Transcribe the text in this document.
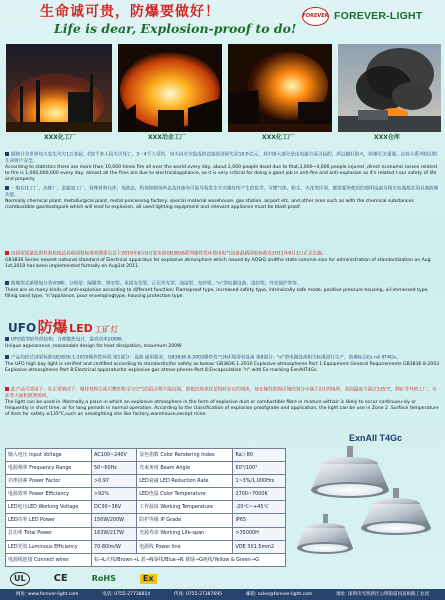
生命诚可贵，防爆要做好！
Life is dear, Explosion-proof to do!
FOREVER FOREVER-LIGHT
XXX化工厂	XXX冶金工厂	XXX化工厂	XXX仓库
据统计全世界每天发生火灾1万多起，约2千多人因火灾死亡，3－4千人受伤，每天因火灾造成的直接经济损失达10多亿元，其中绝大部分是由电器方面引起的，所以做好防火，防爆至关重要。在较大系列较旧的生命财产安全。
According to statistics there are more than 10,000 times fire all over the world every day, about 2,000 people dead due to that,3,000~4,000 people injured ,direct economic losses related to fire is 1,000,000,000 every day, almost all the fires are due to electricalappliance, so it is very critical for doing a good job in anti-fire and anti-explosion as it's related t our safety of life and property.
一般在化工厂，冶炼厂，金属加工厂，特殊材料仓库，加油站，机场控制场所以及其他有可能导致发生火灾爆炸所产生的化学、可燃气体、粉尘、火花等区域，都需要所使用的照明设备及相关电器都必须具备防爆功能。
Normally chemical plant, metallurgical plant, metal processing factory, special material warehouse, gas station, airport etc, and other area such as with the chemical substances /combustible gas/dustspark which will lead to explosion, all used lighting equipment and relevant appliance must be blast-proof.
由国家质量监督检验检疫总局和国家标准管理委员会于2010年8月9日发布的GB3836系列爆炸性环境用电气设备最新国家标准在2011年8月1日正式实施。
GB3836 Series newest national standard of Electrical apparatus for explosive atmosphere which issued by AQSIQ andthe state commis-sion for administration of standardization on Aug 1st,2010 has been implemented formally on Aug1st 2011.
防爆形式新增加分类有8种，分别是：隔爆型、增安型、本质安全型、正压外壳型、油浸型、充砂型、"n"型电器设备、浇封型、外壳保护型等。
There are so many kinds of anti-explosion according to different function: Flameproof type, increased safety type, intrinsically safe mode, positive pressure housing, oil-immersed type, filling sand type, "n"appliance, pour envelopingtype, housing protection type.
UFO 防爆 LED 工矿灯
UFO造型的外形结构，合理散热设计，最高功率200W。
Unique appearance ,reasonable design for heat dissipation, maximum 200W.
产品均经过国家标准GB3836.1-2010爆炸性环境 第1部分：设备 通用要求，GB3836.8-2003爆炸性气体环境用电设备 第8部分："n"型电器设备相关标准进行生产，防爆标志Ex nA IIT4Gc。
The UFO high bay light is verified and certified according to standard(s)for safety as below: GB3836.1-2010 Explosive atmospheres Part 1:Equipment General Requirements GB3836.8-2003 Explosive atmospheres Part 8:Electrical apparatusfor explosive gas atmos-pheres-Part 8:Encapsulation "n" with Ex-marking ExnAIIT4Gc.
此产品可适用于：在正常情况下，爆炸性粉尘或可燃性粉尘与空气的混合物不能出现，即使出现也仅是短时存在的场所，如在爆炸危险区域的划分中属于2区的场所，表面温度不超过135℃，除矿井外的工厂、仓库等大面积照明场所。
The light can be used in :Normally,a place in which an explosive atmosphere in the form of explosive dust or combustible fibre in mixture withair is likely to occur continuou-sly or frequently in short time, or for long periods in normal operation. According to the classification of explosion proofgrade and application, the light can be use in Zone 2 .Surface temperature of item for safety ≤135℃,such an areailghting site like factory,warehouse,except mine.
输入电压 Input Voltage	AC100~240V	显色指数 Color Rendering Index	Ra＞80
电源频率 Frequency Range	50~60Hz	光束角度 Beam Angle	60°/100°
功率因素 Power Factor	>0.97	LED衰减 LED Reduction Rate	1~3%/1,000Hrs
电源效率 Power Efficiency	>92%	LED色温 Color Temperature	2700~7000K
LED电压LED Working Voltage	DC30~36V	工作温度 Working Temperature	-20℃~+45℃
LED功率 LED Power	150W/200W	防护等级 IP Grade	IP65
总功率 Total Power	163W/217W	光源寿命 Working Life-span	>35000H
LED光效 Luminous Efficiency	70-80lm/W	电源线 Power line	VDE 3X1.5mm2
电源线连接 Connect wires	棕→L火线/Brown→L 蓝→N零线/Blue→N 黄绿→G地线/Yellow & Green→G		
ExnAII T4Gc
UL	CE	RoHS	Ex
网址: www.forever-light.com	电话: 0755-27738814	传真: 0755-27387695	邮箱: sales@forever-light.com	地址: 深圳市光明新区公明街道同富裕路工业园
